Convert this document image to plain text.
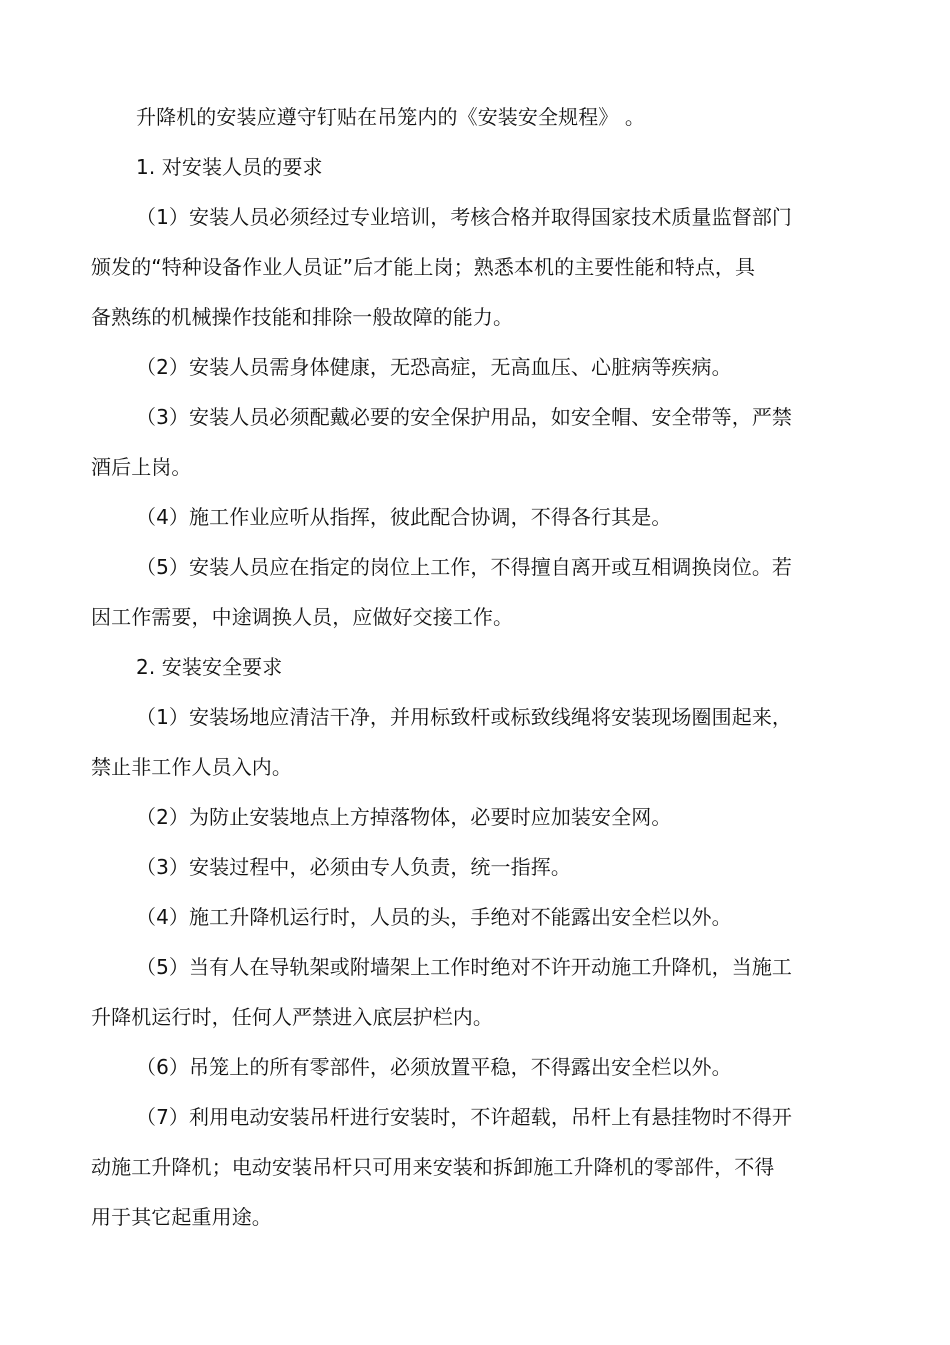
升降机的安装应遵守钉贴在吊笼内的《安装安全规程》 。
1. 对安装人员的要求
（1）安装人员必须经过专业培训，考核合格并取得国家技术质量监督部门
颁发的“特种设备作业人员证”后才能上岗；熟悉本机的主要性能和特点，具
备熟练的机械操作技能和排除一般故障的能力。
（2）安装人员需身体健康，无恐高症，无高血压、心脏病等疾病。
（3）安装人员必须配戴必要的安全保护用品，如安全帽、安全带等，严禁
酒后上岗。
（4）施工作业应听从指挥，彼此配合协调，不得各行其是。
（5）安装人员应在指定的岗位上工作，不得擅自离开或互相调换岗位。若
因工作需要，中途调换人员，应做好交接工作。
2. 安装安全要求
（1）安装场地应清洁干净，并用标致杆或标致线绳将安装现场圈围起来，
禁止非工作人员入内。
（2）为防止安装地点上方掉落物体，必要时应加装安全网。
（3）安装过程中，必须由专人负责，统一指挥。
（4）施工升降机运行时，人员的头，手绝对不能露出安全栏以外。
（5）当有人在导轨架或附墙架上工作时绝对不许开动施工升降机，当施工
升降机运行时，任何人严禁进入底层护栏内。
（6）吊笼上的所有零部件，必须放置平稳，不得露出安全栏以外。
（7）利用电动安装吊杆进行安装时，不许超载，吊杆上有悬挂物时不得开
动施工升降机；电动安装吊杆只可用来安装和拆卸施工升降机的零部件，不得
用于其它起重用途。
